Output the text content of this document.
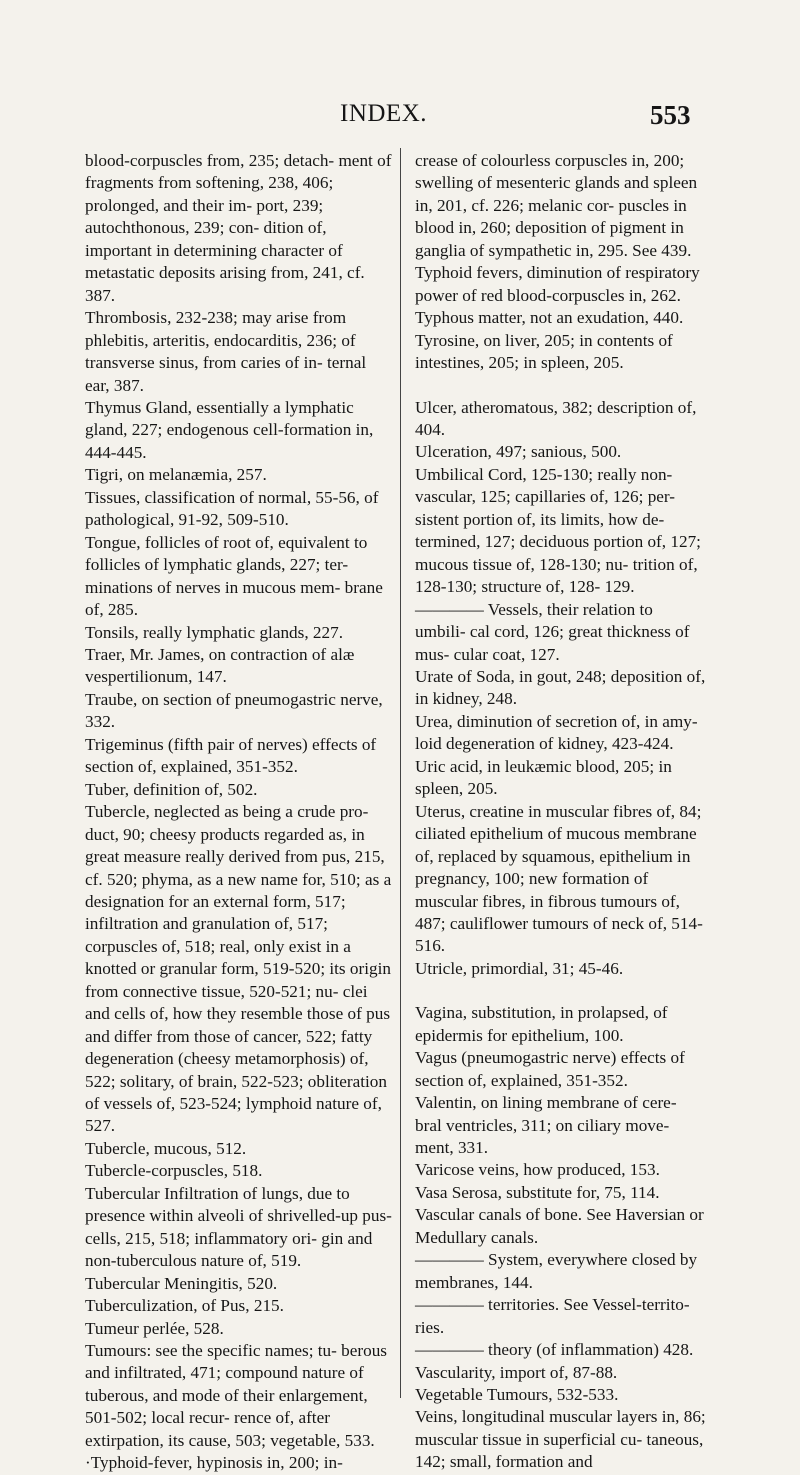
INDEX.	553
blood-corpuscles from, 235; detach- ment of fragments from softening, 238, 406; prolonged, and their im- port, 239; autochthonous, 239; con- dition of, important in determining character of metastatic deposits arising from, 241, cf. 387.
Thrombosis, 232-238; may arise from phlebitis, arteritis, endocarditis, 236; of transverse sinus, from caries of in- ternal ear, 387.
Thymus Gland, essentially a lymphatic gland, 227; endogenous cell-formation in, 444-445.
Tigri, on melanæmia, 257.
Tissues, classification of normal, 55-56, of pathological, 91-92, 509-510.
Tongue, follicles of root of, equivalent to follicles of lymphatic glands, 227; ter- minations of nerves in mucous mem- brane of, 285.
Tonsils, really lymphatic glands, 227.
Traer, Mr. James, on contraction of alæ vespertilionum, 147.
Traube, on section of pneumogastric nerve, 332.
Trigeminus (fifth pair of nerves) effects of section of, explained, 351-352.
Tuber, definition of, 502.
Tubercle, neglected as being a crude pro- duct, 90; cheesy products regarded as, in great measure really derived from pus, 215, cf. 520; phyma, as a new name for, 510; as a designation for an external form, 517; infiltration and granulation of, 517; corpuscles of, 518; real, only exist in a knotted or granular form, 519-520; its origin from connective tissue, 520-521; nu- clei and cells of, how they resemble those of pus and differ from those of cancer, 522; fatty degeneration (cheesy metamorphosis) of, 522; solitary, of brain, 522-523; obliteration of vessels of, 523-524; lymphoid nature of, 527.
Tubercle, mucous, 512.
Tubercle-corpuscles, 518.
Tubercular Infiltration of lungs, due to presence within alveoli of shrivelled-up pus-cells, 215, 518; inflammatory ori- gin and non-tuberculous nature of, 519.
Tubercular Meningitis, 520.
Tuberculization, of Pus, 215.
Tumeur perlée, 528.
Tumours: see the specific names; tu- berous and infiltrated, 471; compound nature of tuberous, and mode of their enlargement, 501-502; local recur- rence of, after extirpation, its cause, 503; vegetable, 533.
·Typhoid-fever, hypinosis in, 200; in-
crease of colourless corpuscles in, 200; swelling of mesenteric glands and spleen in, 201, cf. 226; melanic cor- puscles in blood in, 260; deposition of pigment in ganglia of sympathetic in, 295. See 439.
Typhoid fevers, diminution of respiratory power of red blood-corpuscles in, 262.
Typhous matter, not an exudation, 440.
Tyrosine, on liver, 205; in contents of intestines, 205; in spleen, 205.
Ulcer, atheromatous, 382; description of, 404.
Ulceration, 497; sanious, 500.
Umbilical Cord, 125-130; really non- vascular, 125; capillaries of, 126; per- sistent portion of, its limits, how de- termined, 127; deciduous portion of, 127; mucous tissue of, 128-130; nu- trition of, 128-130; structure of, 128- 129.
———— Vessels, their relation to umbili- cal cord, 126; great thickness of mus- cular coat, 127.
Urate of Soda, in gout, 248; deposition of, in kidney, 248.
Urea, diminution of secretion of, in amy- loid degeneration of kidney, 423-424.
Uric acid, in leukæmic blood, 205; in spleen, 205.
Uterus, creatine in muscular fibres of, 84; ciliated epithelium of mucous membrane of, replaced by squamous, epithelium in pregnancy, 100; new formation of muscular fibres, in fibrous tumours of, 487; cauliflower tumours of neck of, 514-516.
Utricle, primordial, 31; 45-46.
Vagina, substitution, in prolapsed, of epidermis for epithelium, 100.
Vagus (pneumogastric nerve) effects of section of, explained, 351-352.
Valentin, on lining membrane of cere- bral ventricles, 311; on ciliary move- ment, 331.
Varicose veins, how produced, 153.
Vasa Serosa, substitute for, 75, 114.
Vascular canals of bone. See Haversian or Medullary canals.
———— System, everywhere closed by membranes, 144.
———— territories. See Vessel-territo- ries.
———— theory (of inflammation) 428.
Vascularity, import of, 87-88.
Vegetable Tumours, 532-533.
Veins, longitudinal muscular layers in, 86; muscular tissue in superficial cu- taneous, 142; small, formation and
